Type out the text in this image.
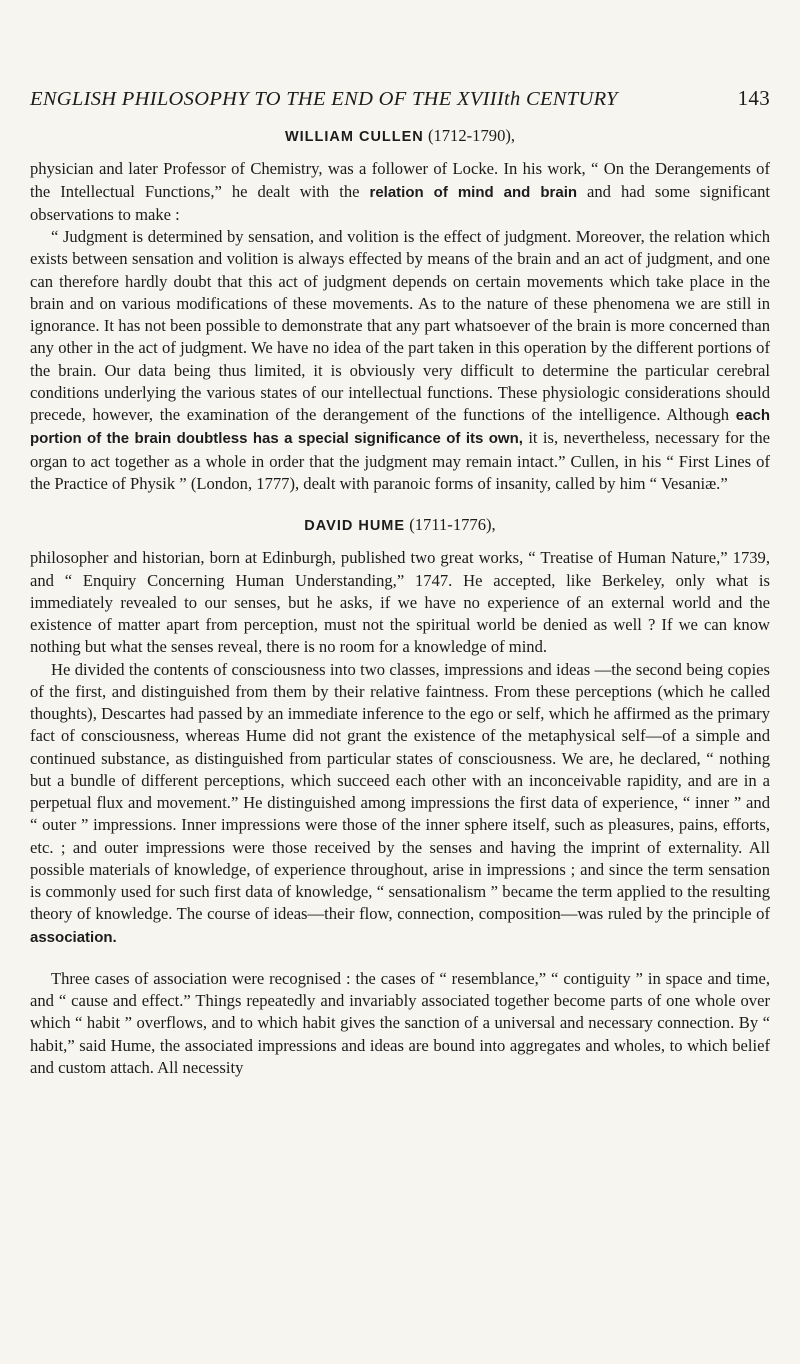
ENGLISH PHILOSOPHY TO THE END OF THE XVIIIth CENTURY	143
WILLIAM CULLEN (1712-1790),

physician and later Professor of Chemistry, was a follower of Locke. In his work, “ On the Derangements of the Intellectual Functions,” he dealt with the relation of mind and brain and had some significant observations to make :

“ Judgment is determined by sensation, and volition is the effect of judgment. Moreover, the relation which exists between sensation and volition is always effected by means of the brain and an act of judgment, and one can therefore hardly doubt that this act of judgment depends on certain movements which take place in the brain and on various modifications of these movements. As to the nature of these phenomena we are still in ignorance. It has not been possible to demonstrate that any part whatsoever of the brain is more concerned than any other in the act of judgment. We have no idea of the part taken in this operation by the different portions of the brain. Our data being thus limited, it is obviously very difficult to determine the particular cerebral conditions underlying the various states of our intellectual functions. These physiologic considerations should precede, however, the examination of the derangement of the functions of the intelligence. Although each portion of the brain doubtless has a special significance of its own, it is, nevertheless, necessary for the organ to act together as a whole in order that the judgment may remain intact.” Cullen, in his “ First Lines of the Practice of Physik ” (London, 1777), dealt with paranoic forms of insanity, called by him “ Vesaniæ.”

DAVID HUME (1711-1776),

philosopher and historian, born at Edinburgh, published two great works, “ Treatise of Human Nature,” 1739, and “ Enquiry Concerning Human Understanding,” 1747. He accepted, like Berkeley, only what is immediately revealed to our senses, but he asks, if we have no experience of an external world and the existence of matter apart from perception, must not the spiritual world be denied as well ? If we can know nothing but what the senses reveal, there is no room for a knowledge of mind.

He divided the contents of consciousness into two classes, impressions and ideas —the second being copies of the first, and distinguished from them by their relative faintness. From these perceptions (which he called thoughts), Descartes had passed by an immediate inference to the ego or self, which he affirmed as the primary fact of consciousness, whereas Hume did not grant the existence of the metaphysical self—of a simple and continued substance, as distinguished from particular states of consciousness. We are, he declared, “ nothing but a bundle of different perceptions, which succeed each other with an inconceivable rapidity, and are in a perpetual flux and movement.” He distinguished among impressions the first data of experience, “ inner ” and “ outer ” impressions. Inner impressions were those of the inner sphere itself, such as pleasures, pains, efforts, etc. ; and outer impressions were those received by the senses and having the imprint of externality. All possible materials of knowledge, of experience throughout, arise in impressions ; and since the term sensation is commonly used for such first data of knowledge, “ sensationalism ” became the term applied to the resulting theory of knowledge. The course of ideas—their flow, connection, composition—was ruled by the principle of association.

Three cases of association were recognised : the cases of “ resemblance,” “ contiguity ” in space and time, and “ cause and effect.” Things repeatedly and invariably associated together become parts of one whole over which “ habit ” overflows, and to which habit gives the sanction of a universal and necessary connection. By “ habit,” said Hume, the associated impressions and ideas are bound into aggregates and wholes, to which belief and custom attach. All necessity
